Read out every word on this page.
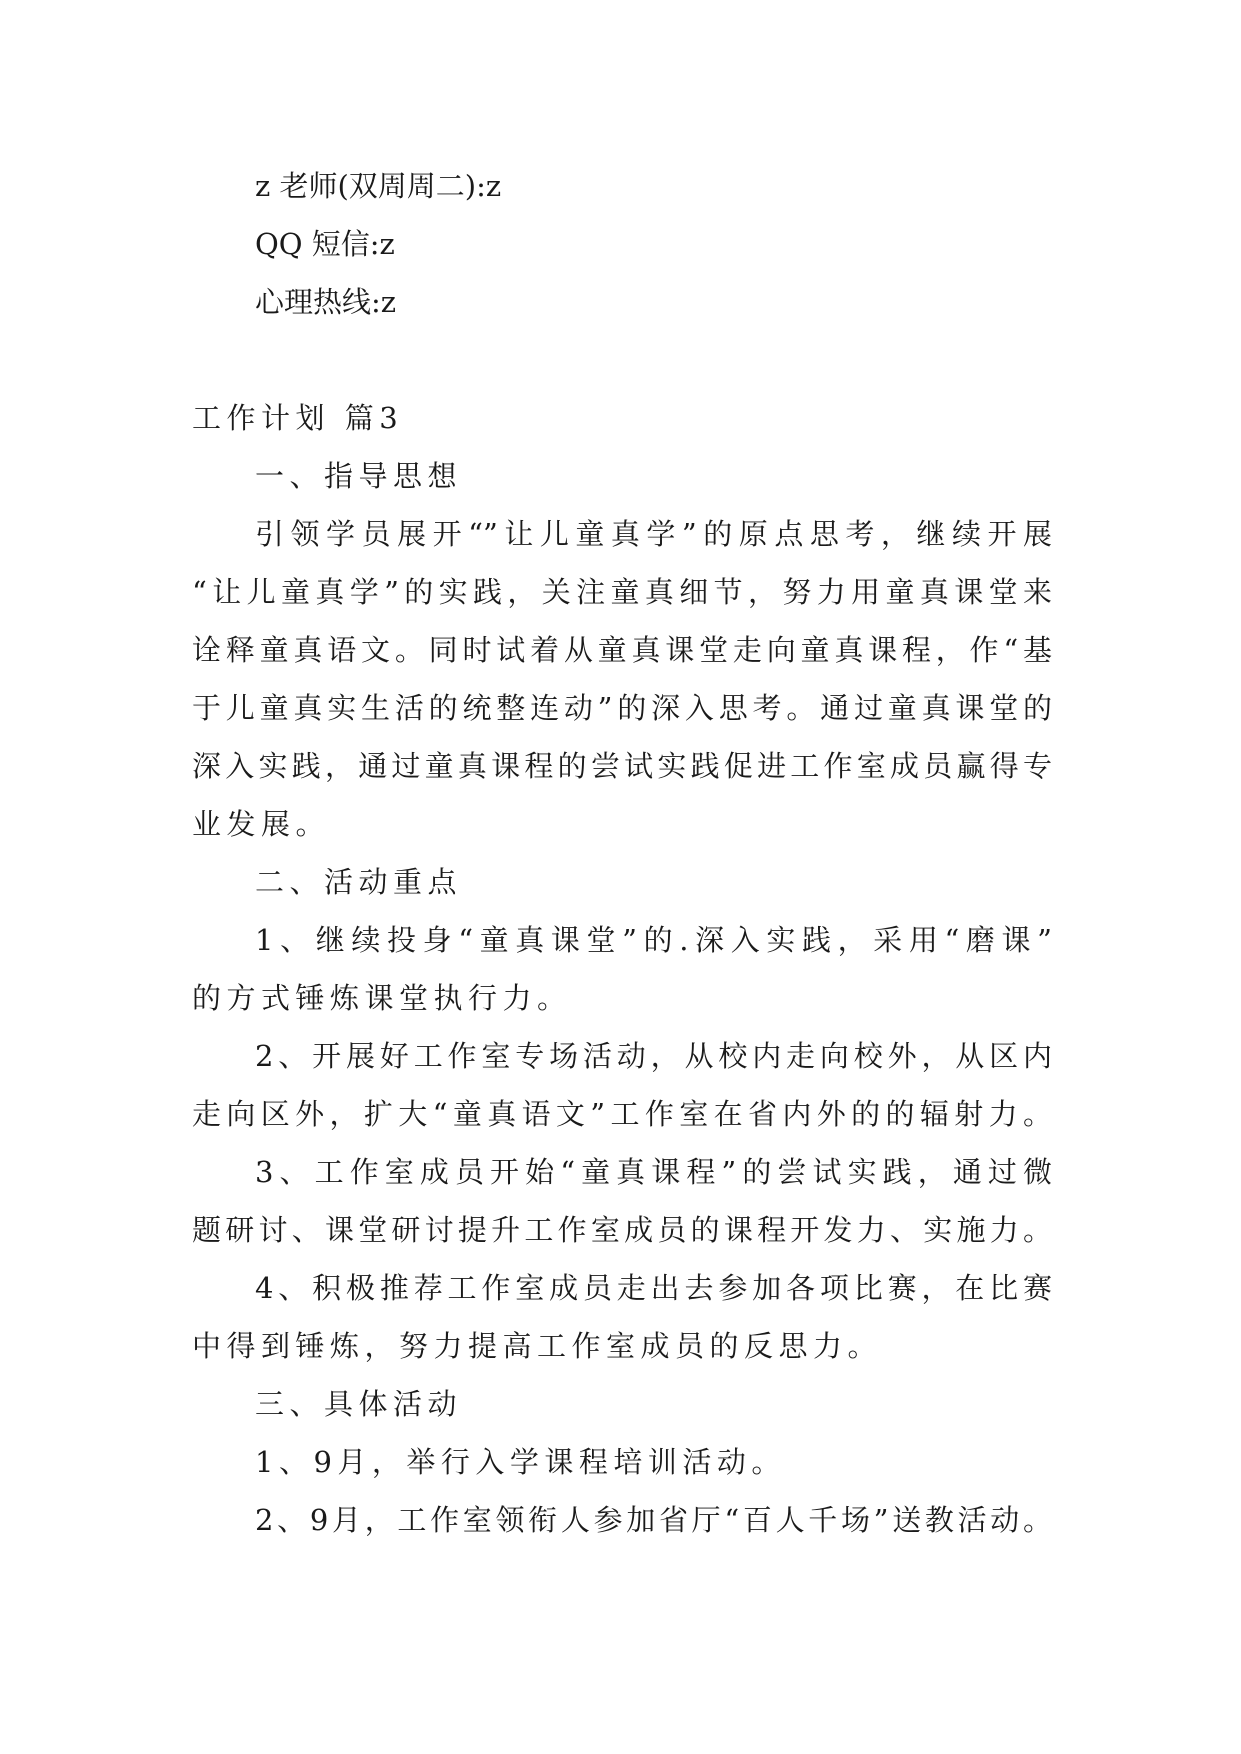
z 老师(双周周二):z
QQ 短信:z
心理热线:z
工作计划 篇3
一、指导思想
引领学员展开“”让儿童真学”的原点思考，继续开展
“让儿童真学”的实践，关注童真细节，努力用童真课堂来
诠释童真语文。同时试着从童真课堂走向童真课程，作“基
于儿童真实生活的统整连动”的深入思考。通过童真课堂的
深入实践，通过童真课程的尝试实践促进工作室成员赢得专
业发展。
二、活动重点
1、继续投身“童真课堂”的.深入实践，采用“磨课”
的方式锤炼课堂执行力。
2、开展好工作室专场活动，从校内走向校外，从区内
走向区外，扩大“童真语文”工作室在省内外的的辐射力。
3、工作室成员开始“童真课程”的尝试实践，通过微
题研讨、课堂研讨提升工作室成员的课程开发力、实施力。
4、积极推荐工作室成员走出去参加各项比赛，在比赛
中得到锤炼，努力提高工作室成员的反思力。
三、具体活动
1、9月，举行入学课程培训活动。
2、9月，工作室领衔人参加省厅“百人千场”送教活动。
